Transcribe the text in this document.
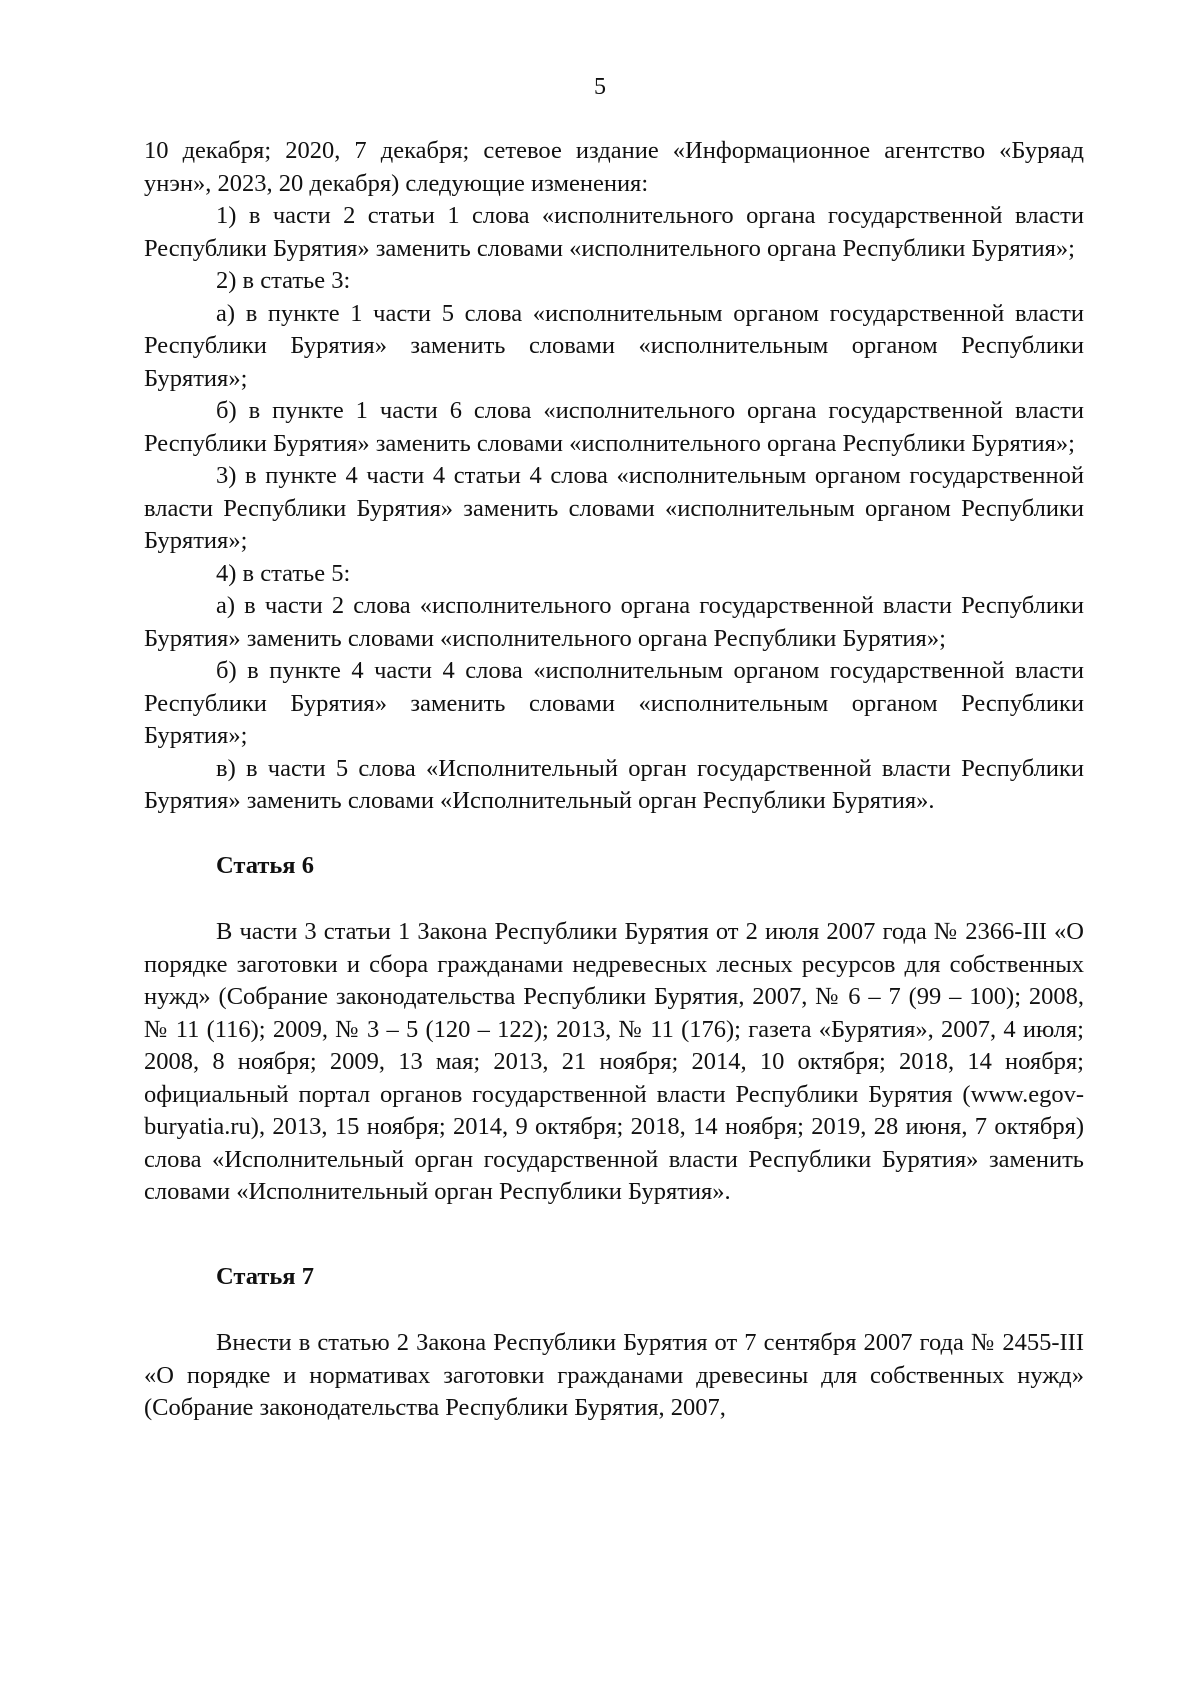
5

10 декабря; 2020, 7 декабря; сетевое издание «Информационное агентство «Буряад унэн», 2023, 20 декабря) следующие изменения:

1) в части 2 статьи 1 слова «исполнительного органа государственной власти Республики Бурятия» заменить словами «исполнительного органа Республики Бурятия»;

2) в статье 3:

а) в пункте 1 части 5 слова «исполнительным органом государственной власти Республики Бурятия» заменить словами «исполнительным органом Республики Бурятия»;

б) в пункте 1 части 6 слова «исполнительного органа государственной власти Республики Бурятия» заменить словами «исполнительного органа Республики Бурятия»;

3) в пункте 4 части 4 статьи 4 слова «исполнительным органом государственной власти Республики Бурятия» заменить словами «исполнительным органом Республики Бурятия»;

4) в статье 5:

а) в части 2 слова «исполнительного органа государственной власти Республики Бурятия» заменить словами «исполнительного органа Республики Бурятия»;

б) в пункте 4 части 4 слова «исполнительным органом государственной власти Республики Бурятия» заменить словами «исполнительным органом Республики Бурятия»;

в) в части 5 слова «Исполнительный орган государственной власти Республики Бурятия» заменить словами «Исполнительный орган Республики Бурятия».

Статья 6

В части 3 статьи 1 Закона Республики Бурятия от 2 июля 2007 года № 2366-III «О порядке заготовки и сбора гражданами недревесных лесных ресурсов для собственных нужд» (Собрание законодательства Республики Бурятия, 2007, № 6 – 7 (99 – 100); 2008, № 11 (116); 2009, № 3 – 5 (120 – 122); 2013, № 11 (176); газета «Бурятия», 2007, 4 июля; 2008, 8 ноября; 2009, 13 мая; 2013, 21 ноября; 2014, 10 октября; 2018, 14 ноября; официальный портал органов государственной власти Республики Бурятия (www.egov-buryatia.ru), 2013, 15 ноября; 2014, 9 октября; 2018, 14 ноября; 2019, 28 июня, 7 октября) слова «Исполнительный орган государственной власти Республики Бурятия» заменить словами «Исполнительный орган Республики Бурятия».

Статья 7

Внести в статью 2 Закона Республики Бурятия от 7 сентября 2007 года № 2455-III «О порядке и нормативах заготовки гражданами древесины для собственных нужд» (Собрание законодательства Республики Бурятия, 2007,
